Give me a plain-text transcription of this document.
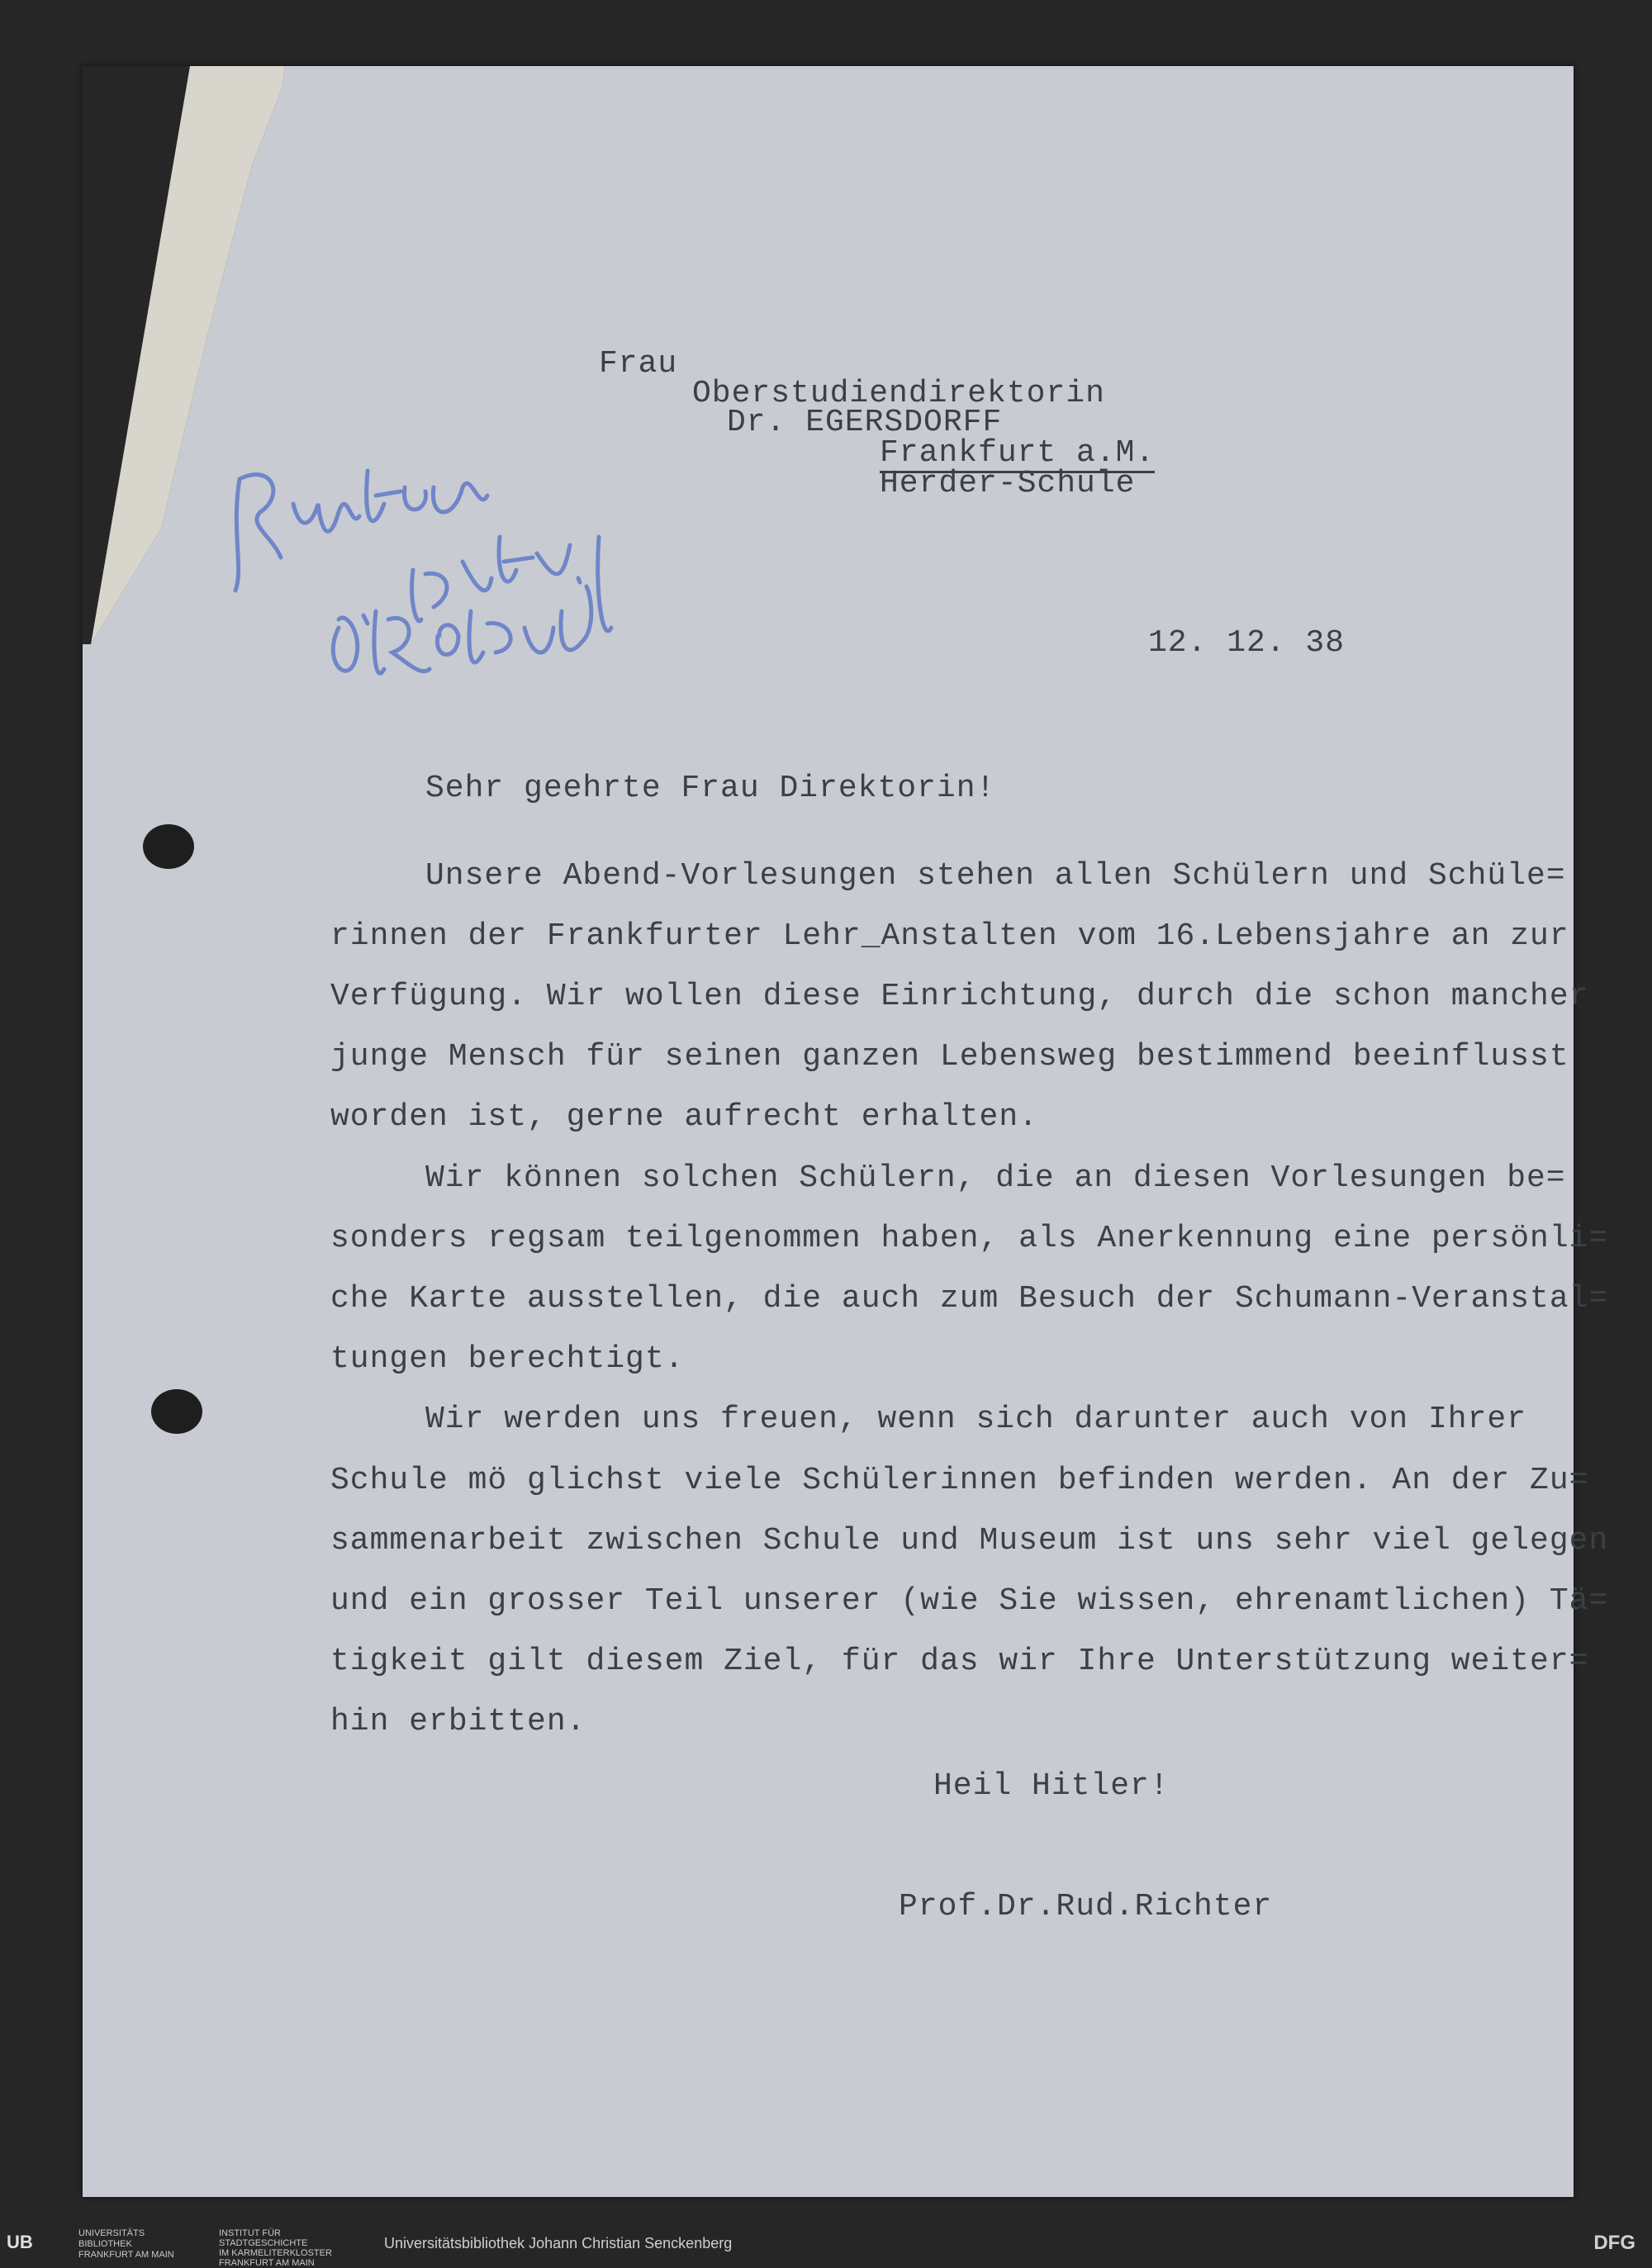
Frau
Oberstudiendirektorin
Dr. EGERSDORFF
Frankfurt a.M.
Herder-Schule
12. 12. 38
Sehr geehrte Frau Direktorin!
Unsere Abend-Vorlesungen stehen allen Schülern und Schüle=
rinnen der Frankfurter Lehr_Anstalten vom 16.Lebensjahre an zur
Verfügung. Wir wollen diese Einrichtung, durch die schon mancher
junge Mensch für seinen ganzen Lebensweg bestimmend beeinflusst
worden ist, gerne aufrecht erhalten.
Wir können solchen Schülern, die an diesen Vorlesungen be=
sonders regsam teilgenommen haben, als Anerkennung eine persönli=
che Karte ausstellen, die auch zum Besuch der Schumann-Veranstal=
tungen berechtigt.
Wir werden uns freuen, wenn sich darunter auch von Ihrer
Schule mö glichst viele Schülerinnen befinden werden. An der Zu=
sammenarbeit zwischen Schule und Museum ist uns sehr viel gelegen
und ein grosser Teil unserer (wie Sie wissen, ehrenamtlichen) Tä=
tigkeit gilt diesem Ziel, für das wir Ihre Unterstützung weiter=
hin erbitten.
Heil Hitler!
Prof.Dr.Rud.Richter
UB	UNIVERSITÄTS
BIBLIOTHEK
FRANKFURT AM MAIN
INSTITUT FÜR
STADTGESCHICHTE
IM KARMELITERKLOSTER
FRANKFURT AM MAIN
Universitätsbibliothek Johann Christian Senckenberg	DFG
